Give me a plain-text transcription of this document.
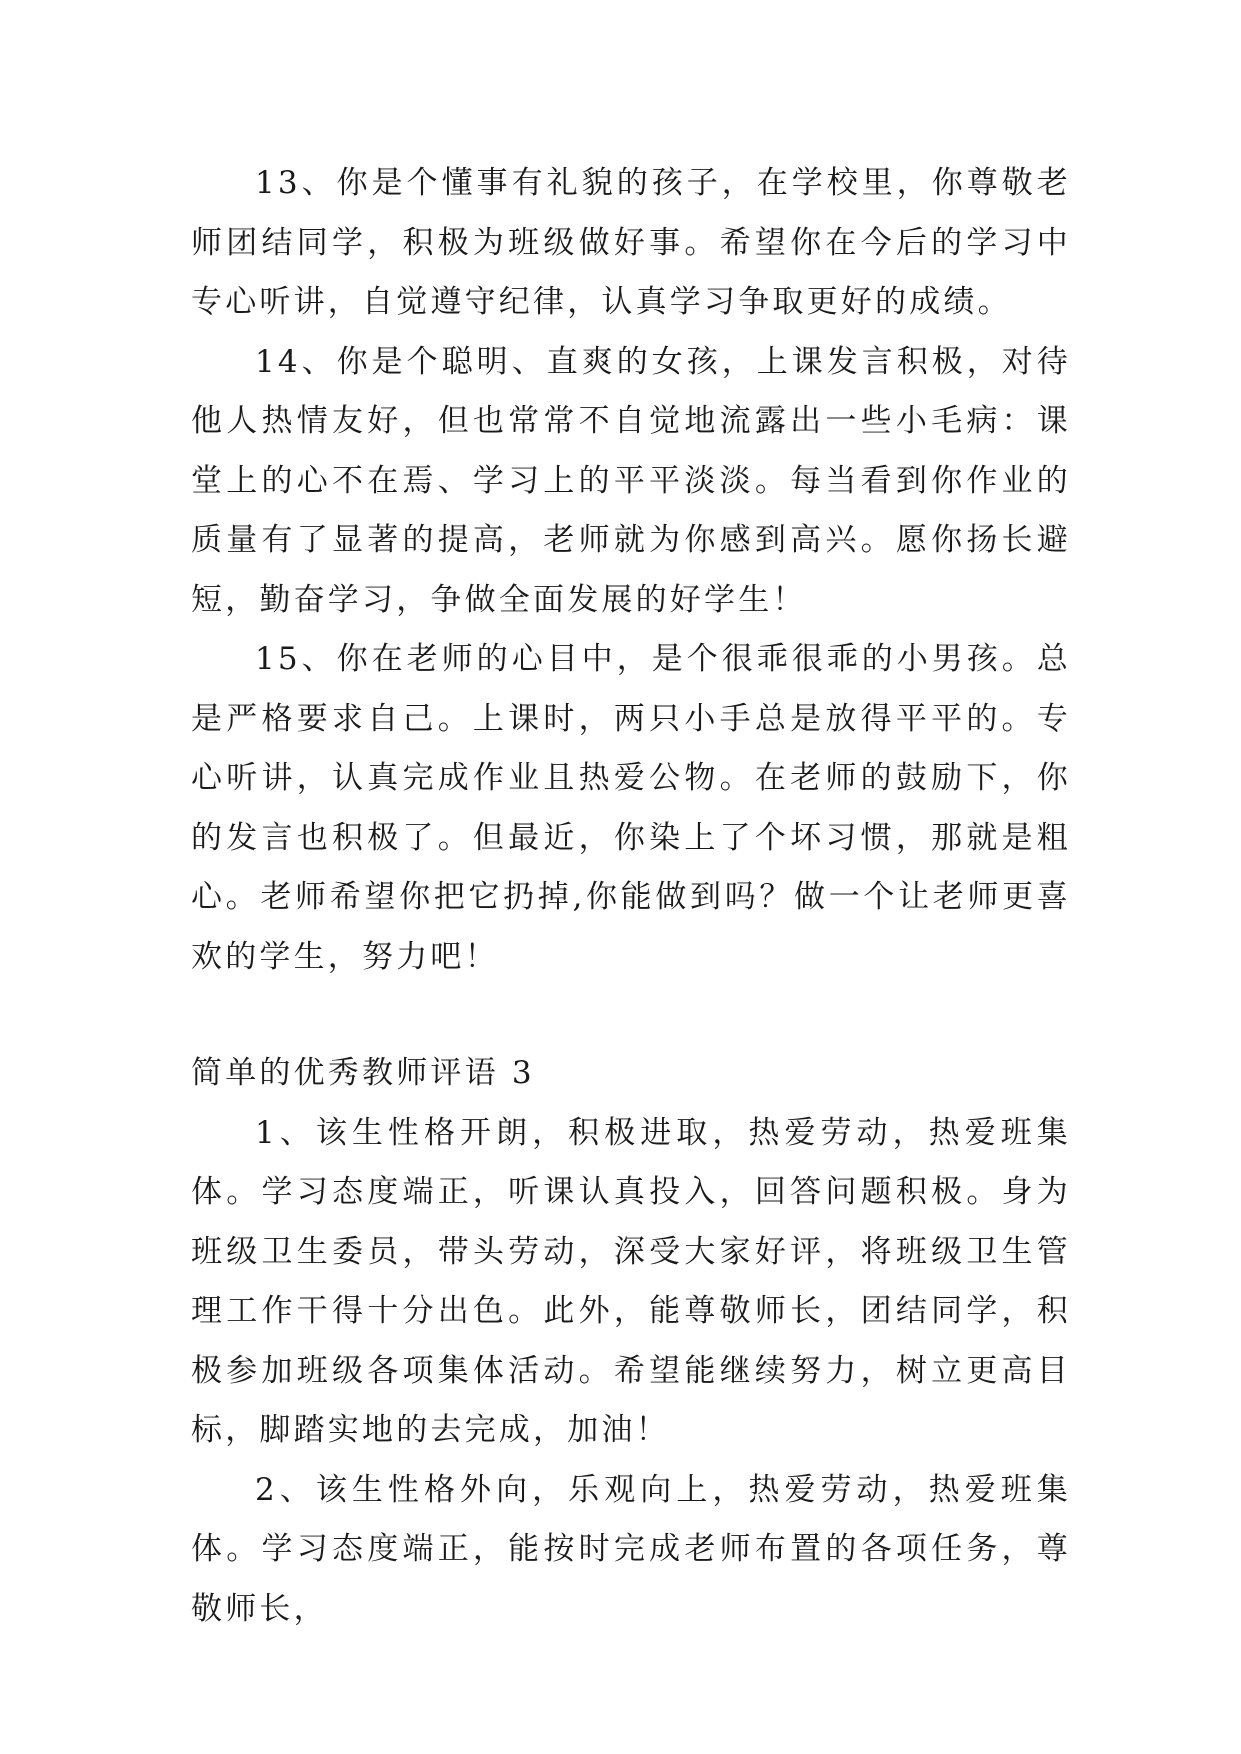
13、你是个懂事有礼貌的孩子，在学校里，你尊敬老师团结同学，积极为班级做好事。希望你在今后的学习中专心听讲，自觉遵守纪律，认真学习争取更好的成绩。

14、你是个聪明、直爽的女孩，上课发言积极，对待他人热情友好，但也常常不自觉地流露出一些小毛病：课堂上的心不在焉、学习上的平平淡淡。每当看到你作业的质量有了显著的提高，老师就为你感到高兴。愿你扬长避短，勤奋学习，争做全面发展的好学生！

15、你在老师的心目中，是个很乖很乖的小男孩。总是严格要求自己。上课时，两只小手总是放得平平的。专心听讲，认真完成作业且热爱公物。在老师的鼓励下，你的发言也积极了。但最近，你染上了个坏习惯，那就是粗心。老师希望你把它扔掉,你能做到吗？做一个让老师更喜欢的学生，努力吧！

简单的优秀教师评语 3

1、该生性格开朗，积极进取，热爱劳动，热爱班集体。学习态度端正，听课认真投入，回答问题积极。身为班级卫生委员，带头劳动，深受大家好评，将班级卫生管理工作干得十分出色。此外，能尊敬师长，团结同学，积极参加班级各项集体活动。希望能继续努力，树立更高目标，脚踏实地的去完成，加油！

2、该生性格外向，乐观向上，热爱劳动，热爱班集体。学习态度端正，能按时完成老师布置的各项任务，尊敬师长，
